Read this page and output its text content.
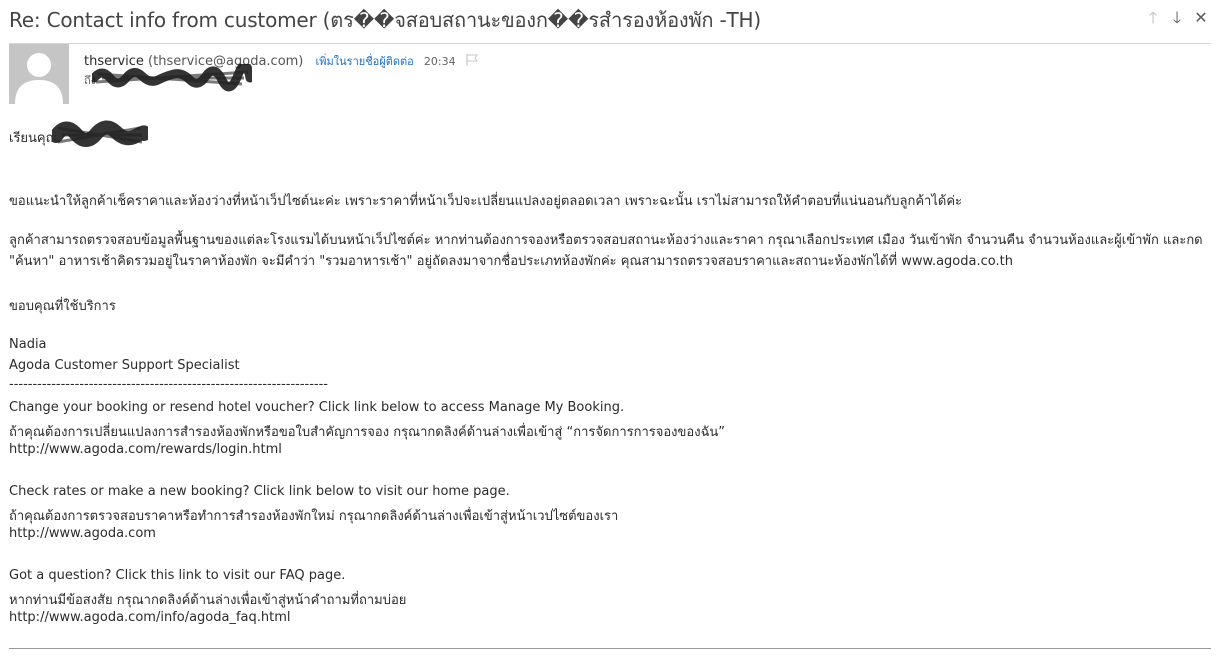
Re: Contact info from customer (ตร��จสอบสถานะของก��รสำรองห้องพัก -TH)	🡑 🡓 ✕
thservice (thservice@agoda.com) เพิ่มในรายชื่อผู้ติดต่อ 20:34
ถึง
เรียนคุณ
ขอแนะนำให้ลูกค้าเช็คราคาและห้องว่างที่หน้าเว็ปไซต์นะค่ะ เพราะราคาที่หน้าเว็ปจะเปลี่ยนแปลงอยู่ตลอดเวลา เพราะฉะนั้น เราไม่สามารถให้คำตอบที่แน่นอนกับลูกค้าได้ค่ะ
ลูกค้าสามารถตรวจสอบข้อมูลพื้นฐานของแต่ละโรงแรมได้บนหน้าเว็ปไซต์ค่ะ หากท่านต้องการจองหรือตรวจสอบสถานะห้องว่างและราคา กรุณาเลือกประเทศ เมือง วันเข้าพัก จำนวนคืน จำนวนห้องและผู้เข้าพัก และกด "ค้นหา" อาหารเช้าคิดรวมอยู่ในราคาห้องพัก จะมีคำว่า "รวมอาหารเช้า" อยู่ถัดลงมาจากชื่อประเภทห้องพักค่ะ คุณสามารถตรวจสอบราคาและสถานะห้องพักได้ที่ www.agoda.co.th
ขอบคุณที่ใช้บริการ
Nadia
Agoda Customer Support Specialist
--------------------------------------------------------------------
Change your booking or resend hotel voucher? Click link below to access Manage My Booking.
ถ้าคุณต้องการเปลี่ยนแปลงการสำรองห้องพักหรือขอใบสำคัญการจอง กรุณากดลิงค์ด้านล่างเพื่อเข้าสู่ “การจัดการการจองของฉัน”
http://www.agoda.com/rewards/login.html
Check rates or make a new booking? Click link below to visit our home page.
ถ้าคุณต้องการตรวจสอบราคาหรือทำการสำรองห้องพักใหม่ กรุณากดลิงค์ด้านล่างเพื่อเข้าสู่หน้าเวปไซต์ของเรา
http://www.agoda.com
Got a question? Click this link to visit our FAQ page.
หากท่านมีข้อสงสัย กรุณากดลิงค์ด้านล่างเพื่อเข้าสู่หน้าคำถามที่ถามบ่อย
http://www.agoda.com/info/agoda_faq.html
